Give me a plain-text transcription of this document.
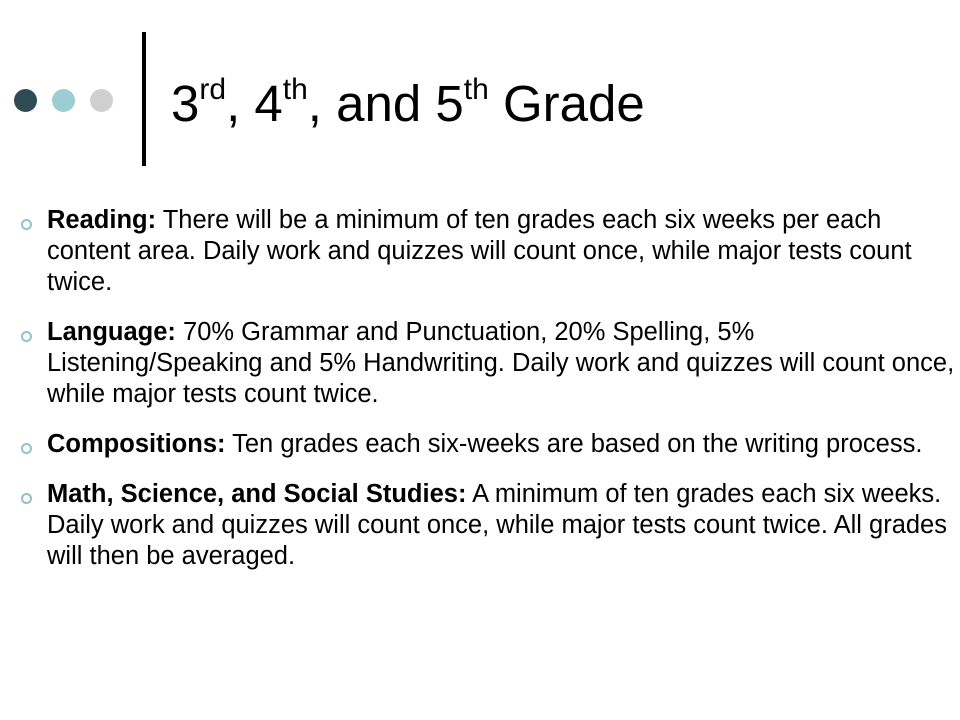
3rd, 4th, and 5th Grade
Reading: There will be a minimum of ten grades each six weeks per each content area. Daily work and quizzes will count once, while major tests count twice.
Language: 70% Grammar and Punctuation, 20% Spelling, 5% Listening/Speaking and 5% Handwriting. Daily work and quizzes will count once, while major tests count twice.
Compositions: Ten grades each six-weeks are based on the writing process.
Math, Science, and Social Studies: A minimum of ten grades each six weeks. Daily work and quizzes will count once, while major tests count twice. All grades will then be averaged.
